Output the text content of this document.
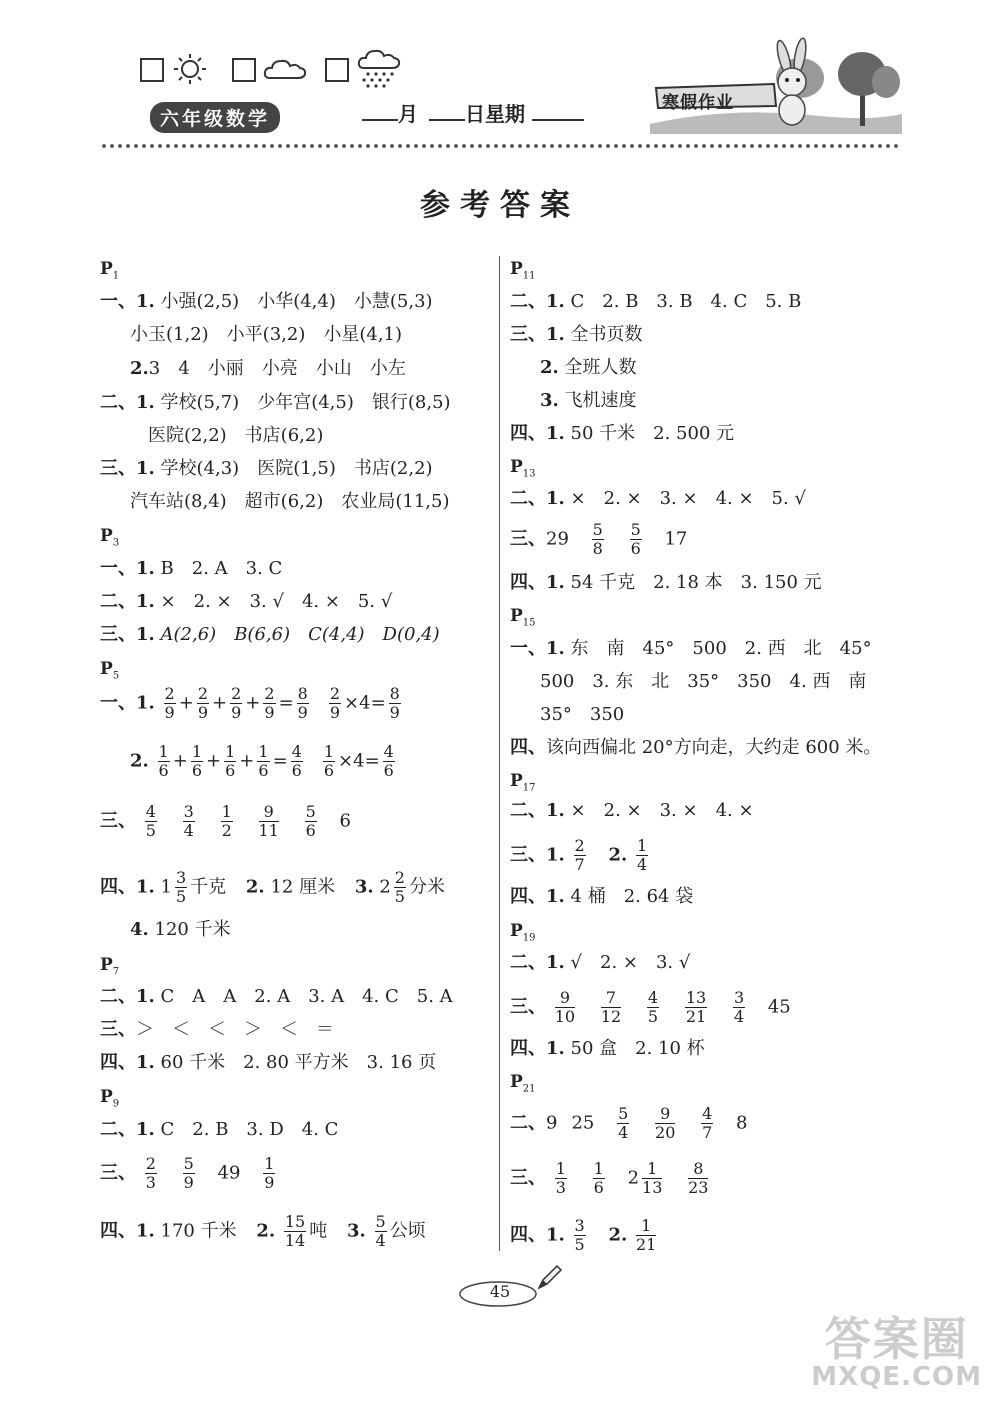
六年级数学	月 日星期	寒假作业
参考答案
$P_1$
一、1. 小强(2,5)　小华(4,4)　小慧(5,3)
小玉(1,2)　小平(3,2)　小星(4,1)
2.3　4　小丽　小亮　小山　小左
二、1. 学校(5,7)　少年宫(4,5)　银行(8,5)
医院(2,2)　书店(6,2)
三、1. 学校(4,3)　医院(1,5)　书店(2,2)
汽车站(8,4)　超市(6,2)　农业局(11,5)
$P_3$
一、1. B　2. A　3. C
二、1. ×　2. ×　3. √　4. ×　5. √
三、1. A(2,6)　B(6,6)　C(4,4)　D(0,4)
$P_5$
一、1. $\frac{2}{9} + \frac{2}{9} + \frac{2}{9} + \frac{2}{9} = \frac{8}{9} \frac{2}{9} \times 4= \frac{8}{9}$
2. $\frac{1}{6} + \frac{1}{6} + \frac{1}{6} + \frac{1}{6} = \frac{4}{6} \frac{1}{6} \times 4= \frac{4}{6}$
三、 $\frac{4}{5}$
$\frac{3}{4}$
$\frac{1}{2}$
$\frac{9}{11}$
$\frac{5}{6} 6$
四、1. $1 \frac{3}{5}$ 千克 2. 12 厘米 3. $2 \frac{2}{5}$ 分米
4. 120 千米
$P_7$
二、1. C　A　A　2. A　3. A　4. C　5. A
三、＞　＜　＜　＞　＜　＝
四、1. 60 千米　2. 80 平方米　3. 16 页
$P_9$
二、1. C　2. B　3. D　4. C
三、 $\frac{2}{3}$
$\frac{5}{9} 49 \frac{1}{9}$
四、1. 170 千米 2. $\frac{15}{14}$ 吨 3. $\frac{5}{4}$ 公顷
$P_{11}$
二、1. C　2. B　3. B　4. C　5. B
三、1. 全书页数
2. 全班人数
3. 飞机速度
四、1. 50 千米　2. 500 元
$P_{13}$
二、1. ×　2. ×　3. ×　4. ×　5. √
三、$29 \frac{5}{8}$
$\frac{5}{6} 17$
四、1. 54 千克　2. 18 本　3. 150 元
$P_{15}$
一、1. 东　南　45°　500　2. 西　北　45°
500　3. 东　北　35°　350　4. 西　南
35°　350
四、该向西偏北 20°方向走，大约走 600 米。
$P_{17}$
二、1. ×　2. ×　3. ×　4. ×
三、1. $\frac{2}{7} 2$. $\frac{1}{4}$
四、1. 4 桶　2. 64 袋
$P_{19}$
二、1. √　2. ×　3. √
三、 $\frac{9}{10}$
$\frac{7}{12}$
$\frac{4}{5}$
$\frac{13}{21}$
$\frac{3}{4} 45$
四、1. 50 盒　2. 10 杯
$P_{21}$
二、9 $25 \frac{5}{4}$
$\frac{9}{20}$
$\frac{4}{7} 8$
三、 $\frac{1}{3}$
$\frac{1}{6} 2 \frac{1}{13}$
$\frac{8}{23}$
四、1. $\frac{3}{5} 2$. $\frac{1}{21}$
45
答案圈
MXQE.COM
